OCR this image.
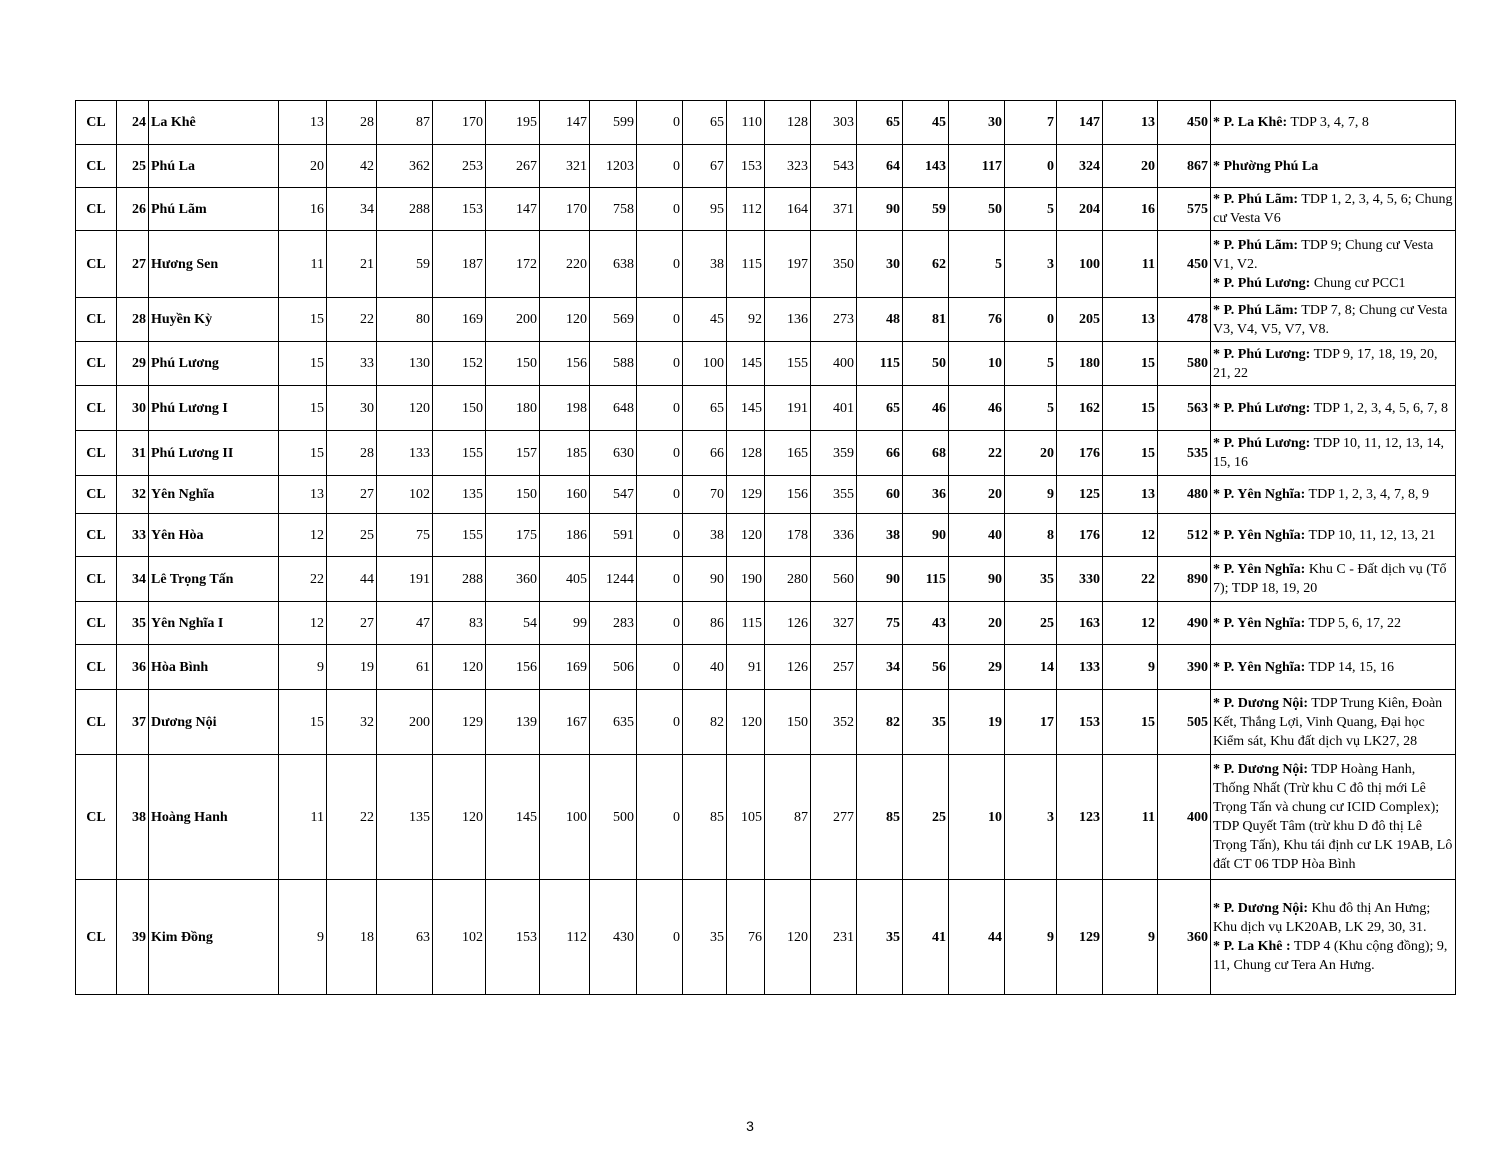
CL	24	La Khê	13	28	87	170	195	147	599	0	65	110	128	303	65	45	30	7	147	13	450	* P. La Khê: TDP 3, 4, 7, 8

CL	25	Phú La	20	42	362	253	267	321	1203	0	67	153	323	543	64	143	117	0	324	20	867	* Phường Phú La

CL	26	Phú Lãm	16	34	288	153	147	170	758	0	95	112	164	371	90	59	50	5	204	16	575	* P. Phú Lãm: TDP 1, 2, 3, 4, 5, 6; Chung cư Vesta V6

CL	27	Hương Sen	11	21	59	187	172	220	638	0	38	115	197	350	30	62	5	3	100	11	450	* P. Phú Lãm: TDP 9; Chung cư Vesta V1, V2.
* P. Phú Lương: Chung cư PCC1

CL	28	Huyền Kỳ	15	22	80	169	200	120	569	0	45	92	136	273	48	81	76	0	205	13	478	* P. Phú Lãm: TDP 7, 8; Chung cư Vesta V3, V4, V5, V7, V8.

CL	29	Phú Lương	15	33	130	152	150	156	588	0	100	145	155	400	115	50	10	5	180	15	580	* P. Phú Lương: TDP 9, 17, 18, 19, 20, 21, 22

CL	30	Phú Lương I	15	30	120	150	180	198	648	0	65	145	191	401	65	46	46	5	162	15	563	* P. Phú Lương: TDP 1, 2, 3, 4, 5, 6, 7, 8

CL	31	Phú Lương II	15	28	133	155	157	185	630	0	66	128	165	359	66	68	22	20	176	15	535	* P. Phú Lương: TDP 10, 11, 12, 13, 14, 15, 16

CL	32	Yên Nghĩa	13	27	102	135	150	160	547	0	70	129	156	355	60	36	20	9	125	13	480	* P. Yên Nghĩa: TDP 1, 2, 3, 4, 7, 8, 9

CL	33	Yên Hòa	12	25	75	155	175	186	591	0	38	120	178	336	38	90	40	8	176	12	512	* P. Yên Nghĩa: TDP 10, 11, 12, 13, 21

CL	34	Lê Trọng Tấn	22	44	191	288	360	405	1244	0	90	190	280	560	90	115	90	35	330	22	890	* P. Yên Nghĩa: Khu C - Đất dịch vụ (Tổ 7); TDP 18, 19, 20

CL	35	Yên Nghĩa I	12	27	47	83	54	99	283	0	86	115	126	327	75	43	20	25	163	12	490	* P. Yên Nghĩa: TDP 5, 6, 17, 22

CL	36	Hòa Bình	9	19	61	120	156	169	506	0	40	91	126	257	34	56	29	14	133	9	390	* P. Yên Nghĩa: TDP 14, 15, 16

CL	37	Dương Nội	15	32	200	129	139	167	635	0	82	120	150	352	82	35	19	17	153	15	505	* P. Dương Nội: TDP Trung Kiên, Đoàn Kết, Thắng Lợi, Vinh Quang, Đại học Kiểm sát, Khu đất dịch vụ LK27, 28

CL	38	Hoàng Hanh	11	22	135	120	145	100	500	0	85	105	87	277	85	25	10	3	123	11	400	* P. Dương Nội: TDP Hoàng Hanh, Thống Nhất (Trừ khu C đô thị mới Lê Trọng Tấn và chung cư ICID Complex); TDP Quyết Tâm (trừ khu D đô thị Lê Trọng Tấn), Khu tái định cư LK 19AB, Lô đất CT 06 TDP Hòa Bình

CL	39	Kim Đồng	9	18	63	102	153	112	430	0	35	76	120	231	35	41	44	9	129	9	360	* P. Dương Nội: Khu đô thị An Hưng; Khu dịch vụ LK20AB, LK 29, 30, 31.
* P. La Khê : TDP 4 (Khu cộng đồng); 9, 11, Chung cư Tera An Hưng.
3
